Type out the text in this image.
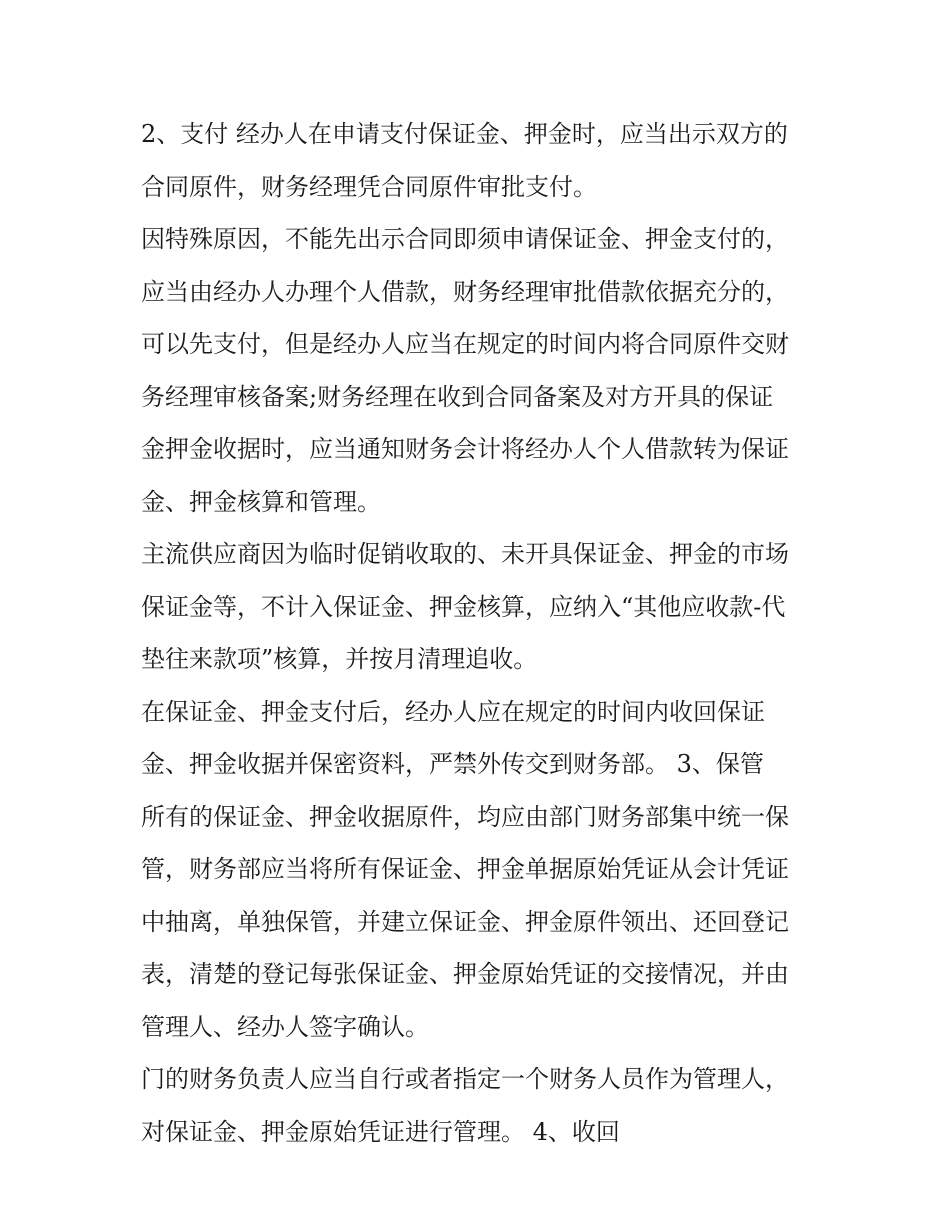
2、支付 经办人在申请支付保证金、押金时，应当出示双方的
合同原件，财务经理凭合同原件审批支付。
因特殊原因，不能先出示合同即须申请保证金、押金支付的，
应当由经办人办理个人借款，财务经理审批借款依据充分的，
可以先支付，但是经办人应当在规定的时间内将合同原件交财
务经理审核备案;财务经理在收到合同备案及对方开具的保证
金押金收据时，应当通知财务会计将经办人个人借款转为保证
金、押金核算和管理。
主流供应商因为临时促销收取的、未开具保证金、押金的市场
保证金等，不计入保证金、押金核算，应纳入“其他应收款-代
垫往来款项”核算，并按月清理追收。
在保证金、押金支付后，经办人应在规定的时间内收回保证
金、押金收据并保密资料，严禁外传交到财务部。 3、保管
所有的保证金、押金收据原件，均应由部门财务部集中统一保
管，财务部应当将所有保证金、押金单据原始凭证从会计凭证
中抽离，单独保管，并建立保证金、押金原件领出、还回登记
表，清楚的登记每张保证金、押金原始凭证的交接情况，并由
管理人、经办人签字确认。
门的财务负责人应当自行或者指定一个财务人员作为管理人，
对保证金、押金原始凭证进行管理。 4、收回
